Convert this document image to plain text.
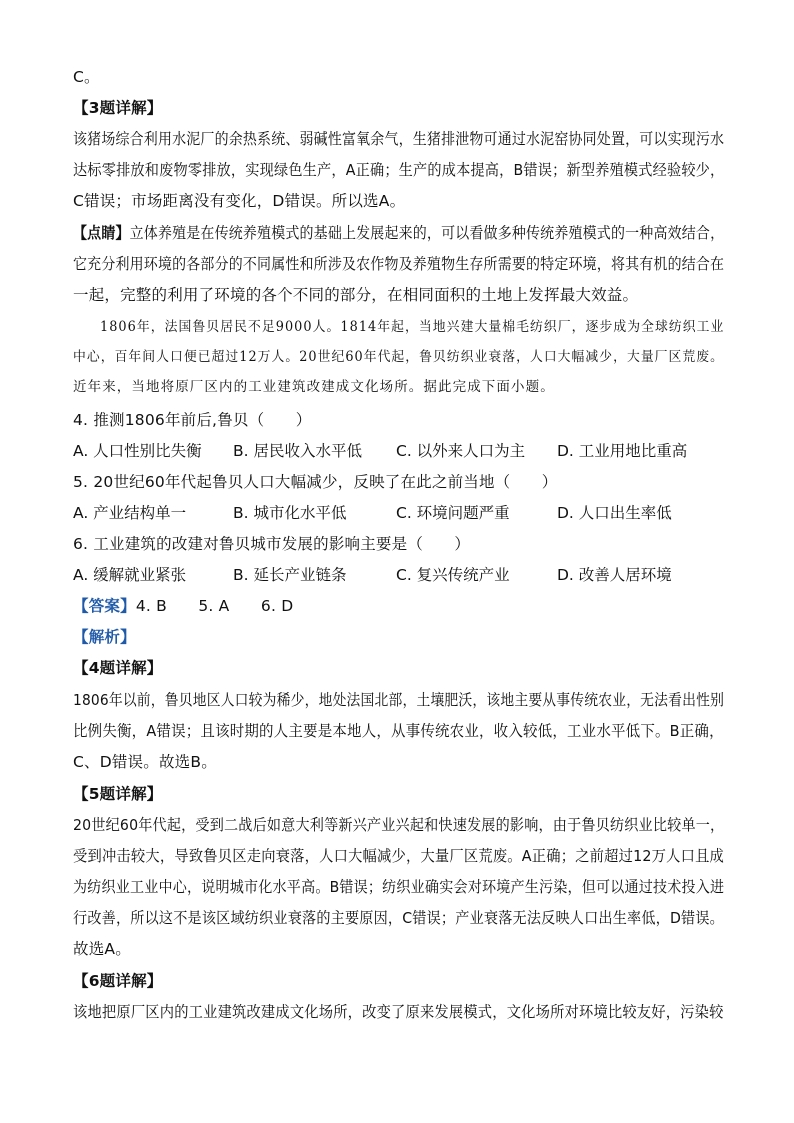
C。
【3题详解】
该猪场综合利用水泥厂的余热系统、弱碱性富氧余气，生猪排泄物可通过水泥窑协同处置，可以实现污水
达标零排放和废物零排放，实现绿色生产，A正确；生产的成本提高，B错误；新型养殖模式经验较少，
C错误；市场距离没有变化，D错误。所以选A。
【点睛】立体养殖是在传统养殖模式的基础上发展起来的，可以看做多种传统养殖模式的一种高效结合，
它充分利用环境的各部分的不同属性和所涉及农作物及养殖物生存所需要的特定环境，将其有机的结合在
一起，完整的利用了环境的各个不同的部分，在相同面积的土地上发挥最大效益。
1806年，法国鲁贝居民不足9000人。1814年起，当地兴建大量棉毛纺织厂，逐步成为全球纺织工业
中心，百年间人口便已超过12万人。20世纪60年代起，鲁贝纺织业衰落，人口大幅减少，大量厂区荒废。
近年来，当地将原厂区内的工业建筑改建成文化场所。据此完成下面小题。
4. 推测1806年前后,鲁贝（　　）
A. 人口性别比失衡 B. 居民收入水平低 C. 以外来人口为主 D. 工业用地比重高
5. 20世纪60年代起鲁贝人口大幅减少，反映了在此之前当地（　　）
A. 产业结构单一	B. 城市化水平低	C. 环境问题严重	D. 人口出生率低
6. 工业建筑的改建对鲁贝城市发展的影响主要是（　　）
A. 缓解就业紧张	B. 延长产业链条	C. 复兴传统产业	D. 改善人居环境
【答案】4. B　　5. A　　6. D
【解析】
【4题详解】
1806年以前，鲁贝地区人口较为稀少，地处法国北部，土壤肥沃，该地主要从事传统农业，无法看出性别
比例失衡，A错误；且该时期的人主要是本地人，从事传统农业，收入较低，工业水平低下。B正确，
C、D错误。故选B。
【5题详解】
20世纪60年代起，受到二战后如意大利等新兴产业兴起和快速发展的影响，由于鲁贝纺织业比较单一，
受到冲击较大，导致鲁贝区走向衰落，人口大幅减少，大量厂区荒废。A正确；之前超过12万人口且成
为纺织业工业中心，说明城市化水平高。B错误；纺织业确实会对环境产生污染，但可以通过技术投入进
行改善，所以这不是该区域纺织业衰落的主要原因，C错误；产业衰落无法反映人口出生率低，D错误。
故选A。
【6题详解】
该地把原厂区内的工业建筑改建成文化场所，改变了原来发展模式，文化场所对环境比较友好，污染较
